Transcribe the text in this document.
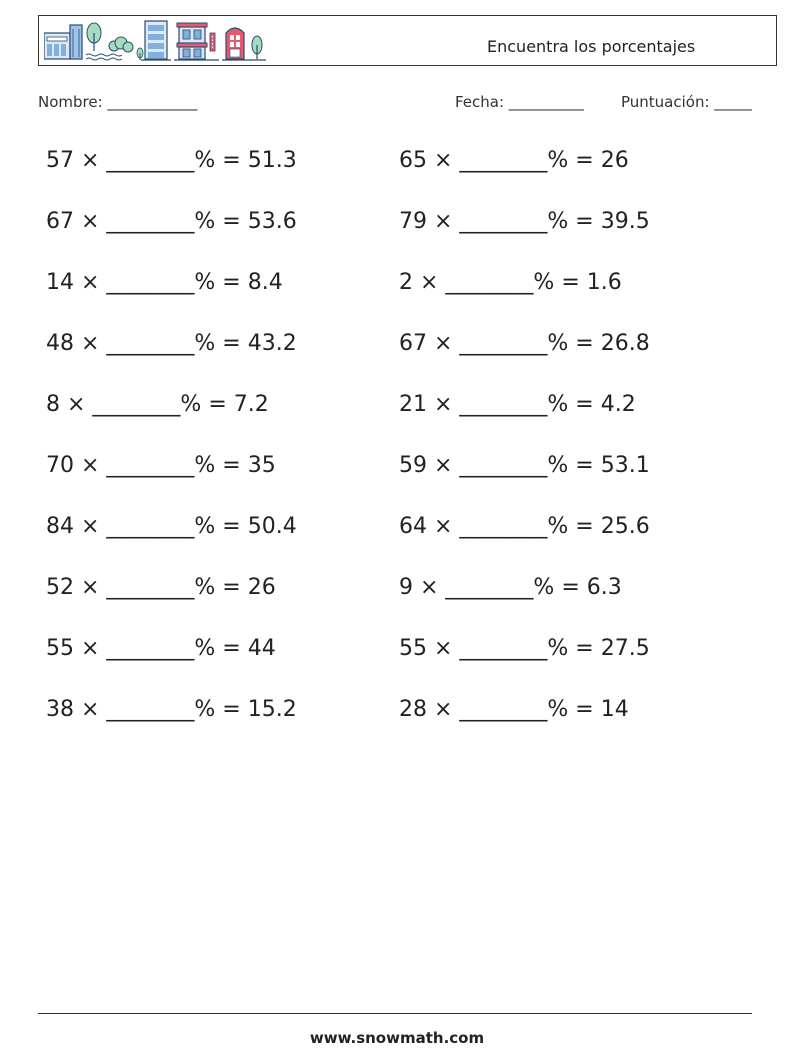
Encuentra los porcentajes
Nombre: ____________	Fecha: __________ Puntuación: _____
57 × ________% = 51.3
67 × ________% = 53.6
14 × ________% = 8.4
48 × ________% = 43.2
8 × ________% = 7.2
70 × ________% = 35
84 × ________% = 50.4
52 × ________% = 26
55 × ________% = 44
38 × ________% = 15.2
65 × ________% = 26
79 × ________% = 39.5
2 × ________% = 1.6
67 × ________% = 26.8
21 × ________% = 4.2
59 × ________% = 53.1
64 × ________% = 25.6
9 × ________% = 6.3
55 × ________% = 27.5
28 × ________% = 14
www.snowmath.com
